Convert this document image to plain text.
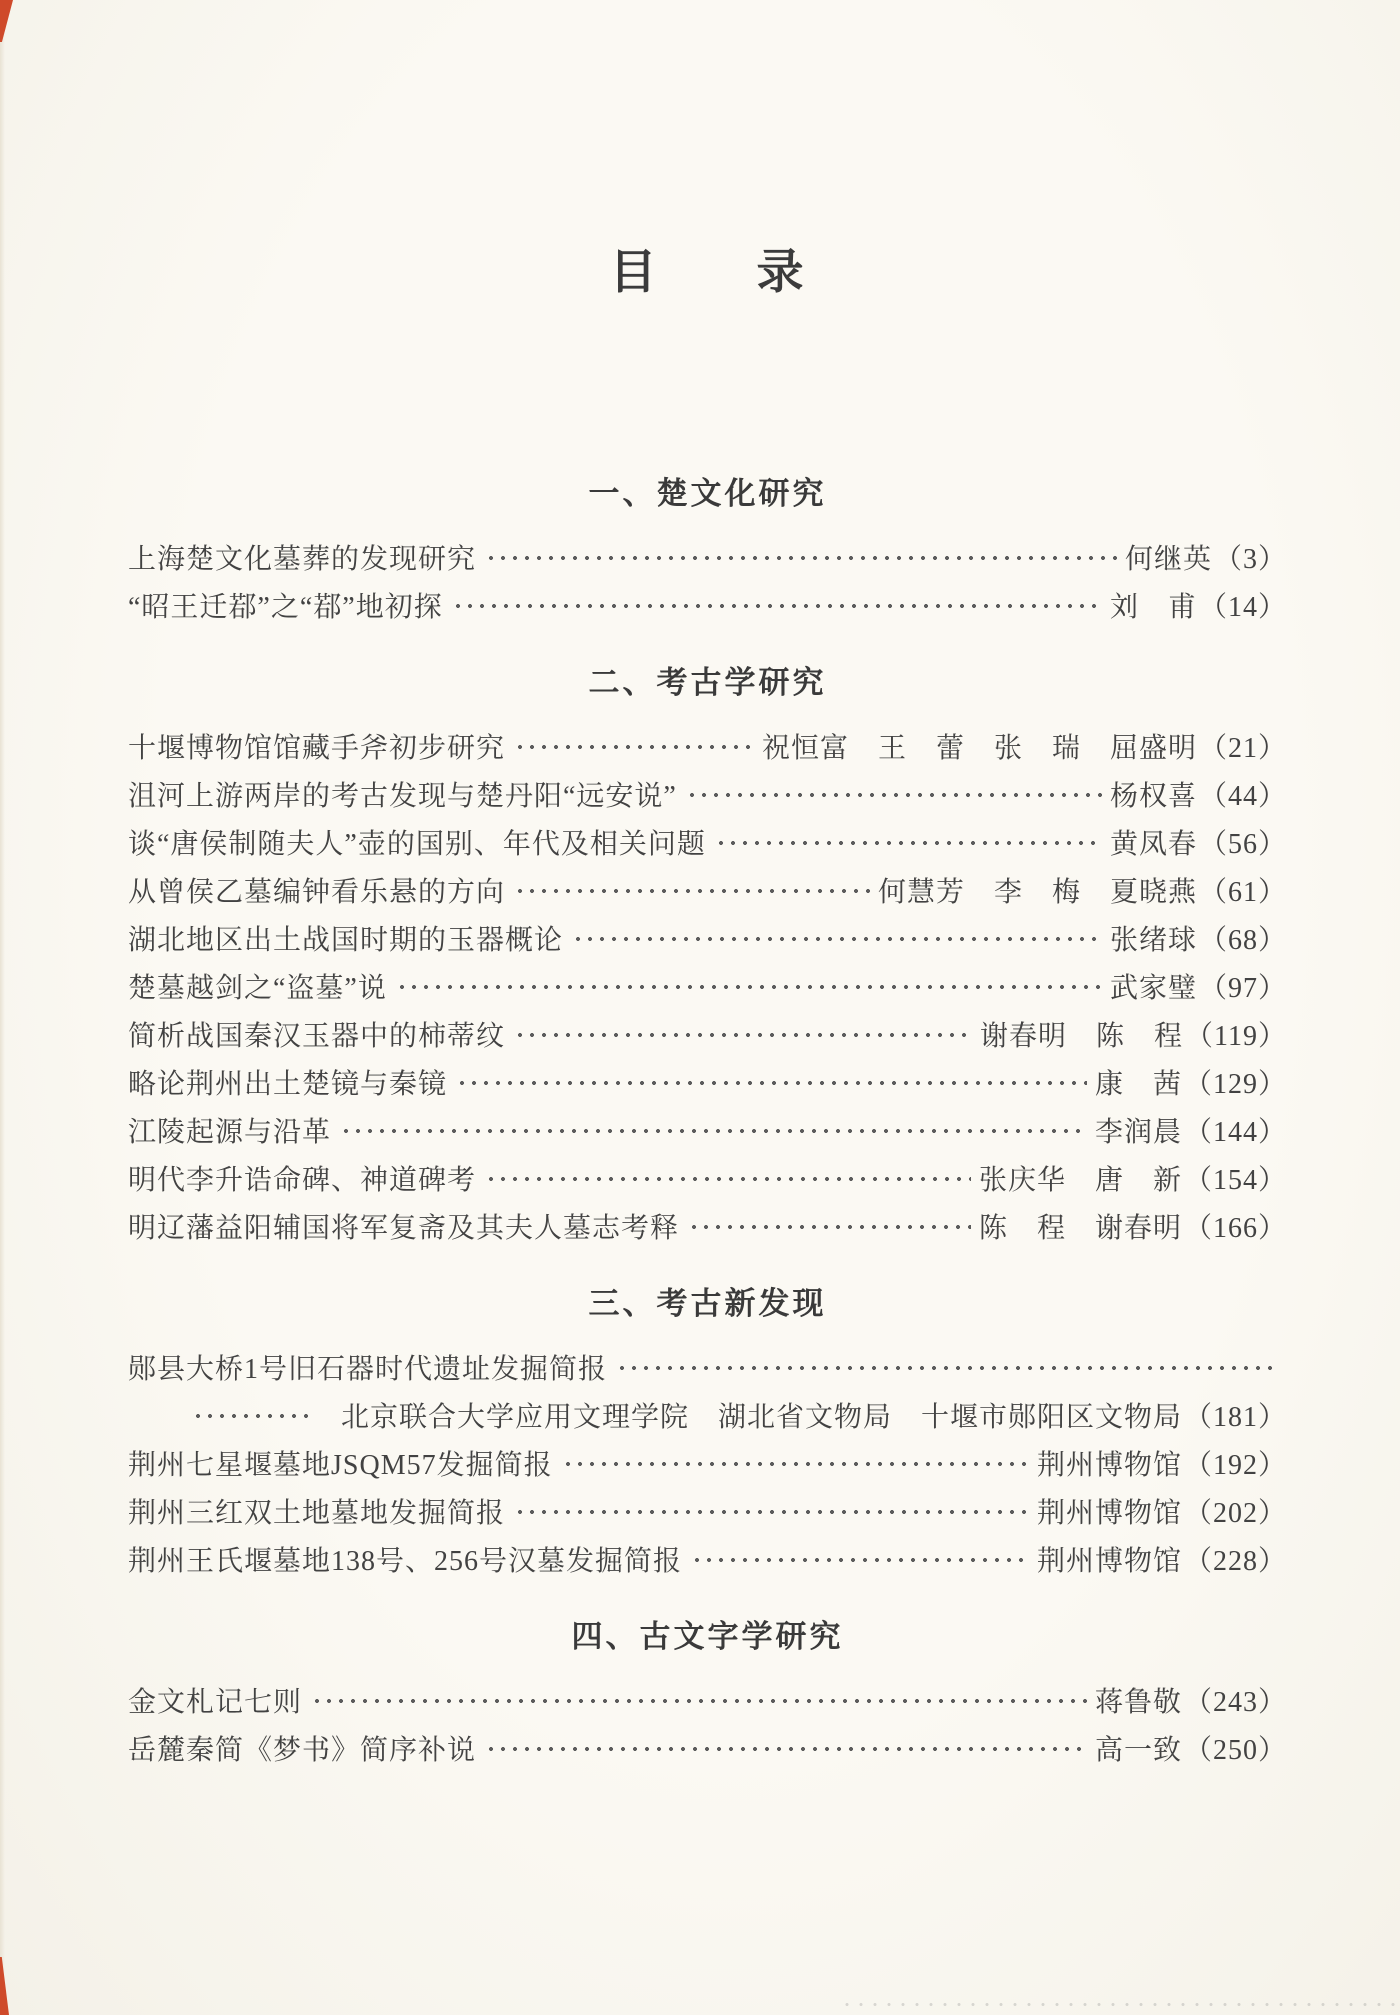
目　　录
一、楚文化研究
上海楚文化墓葬的发现研究	何继英 （3）
“昭王迁鄀”之“鄀”地初探	刘　甫 （14）
二、考古学研究
十堰博物馆馆藏手斧初步研究	祝恒富　王　蕾　张　瑞　屈盛明 （21）
沮河上游两岸的考古发现与楚丹阳“远安说”	杨权喜 （44）
谈“唐侯制随夫人”壶的国别、年代及相关问题	黄凤春 （56）
从曾侯乙墓编钟看乐悬的方向	何慧芳　李　梅　夏晓燕 （61）
湖北地区出土战国时期的玉器概论	张绪球 （68）
楚墓越剑之“盗墓”说	武家璧 （97）
简析战国秦汉玉器中的柿蒂纹	谢春明　陈　程 （119）
略论荆州出土楚镜与秦镜	康　茜 （129）
江陵起源与沿革	李润晨 （144）
明代李升诰命碑、神道碑考	张庆华　唐　新 （154）
明辽藩益阳辅国将军复斋及其夫人墓志考释	陈　程　谢春明 （166）
三、考古新发现
郧县大桥1号旧石器时代遗址发掘简报
北京联合大学应用文理学院　湖北省文物局　十堰市郧阳区文物局 （181）
荆州七星堰墓地JSQM57发掘简报	荆州博物馆 （192）
荆州三红双土地墓地发掘简报	荆州博物馆 （202）
荆州王氏堰墓地138号、256号汉墓发掘简报	荆州博物馆 （228）
四、古文字学研究
金文札记七则	蒋鲁敬 （243）
岳麓秦简《梦书》简序补说	高一致 （250）
